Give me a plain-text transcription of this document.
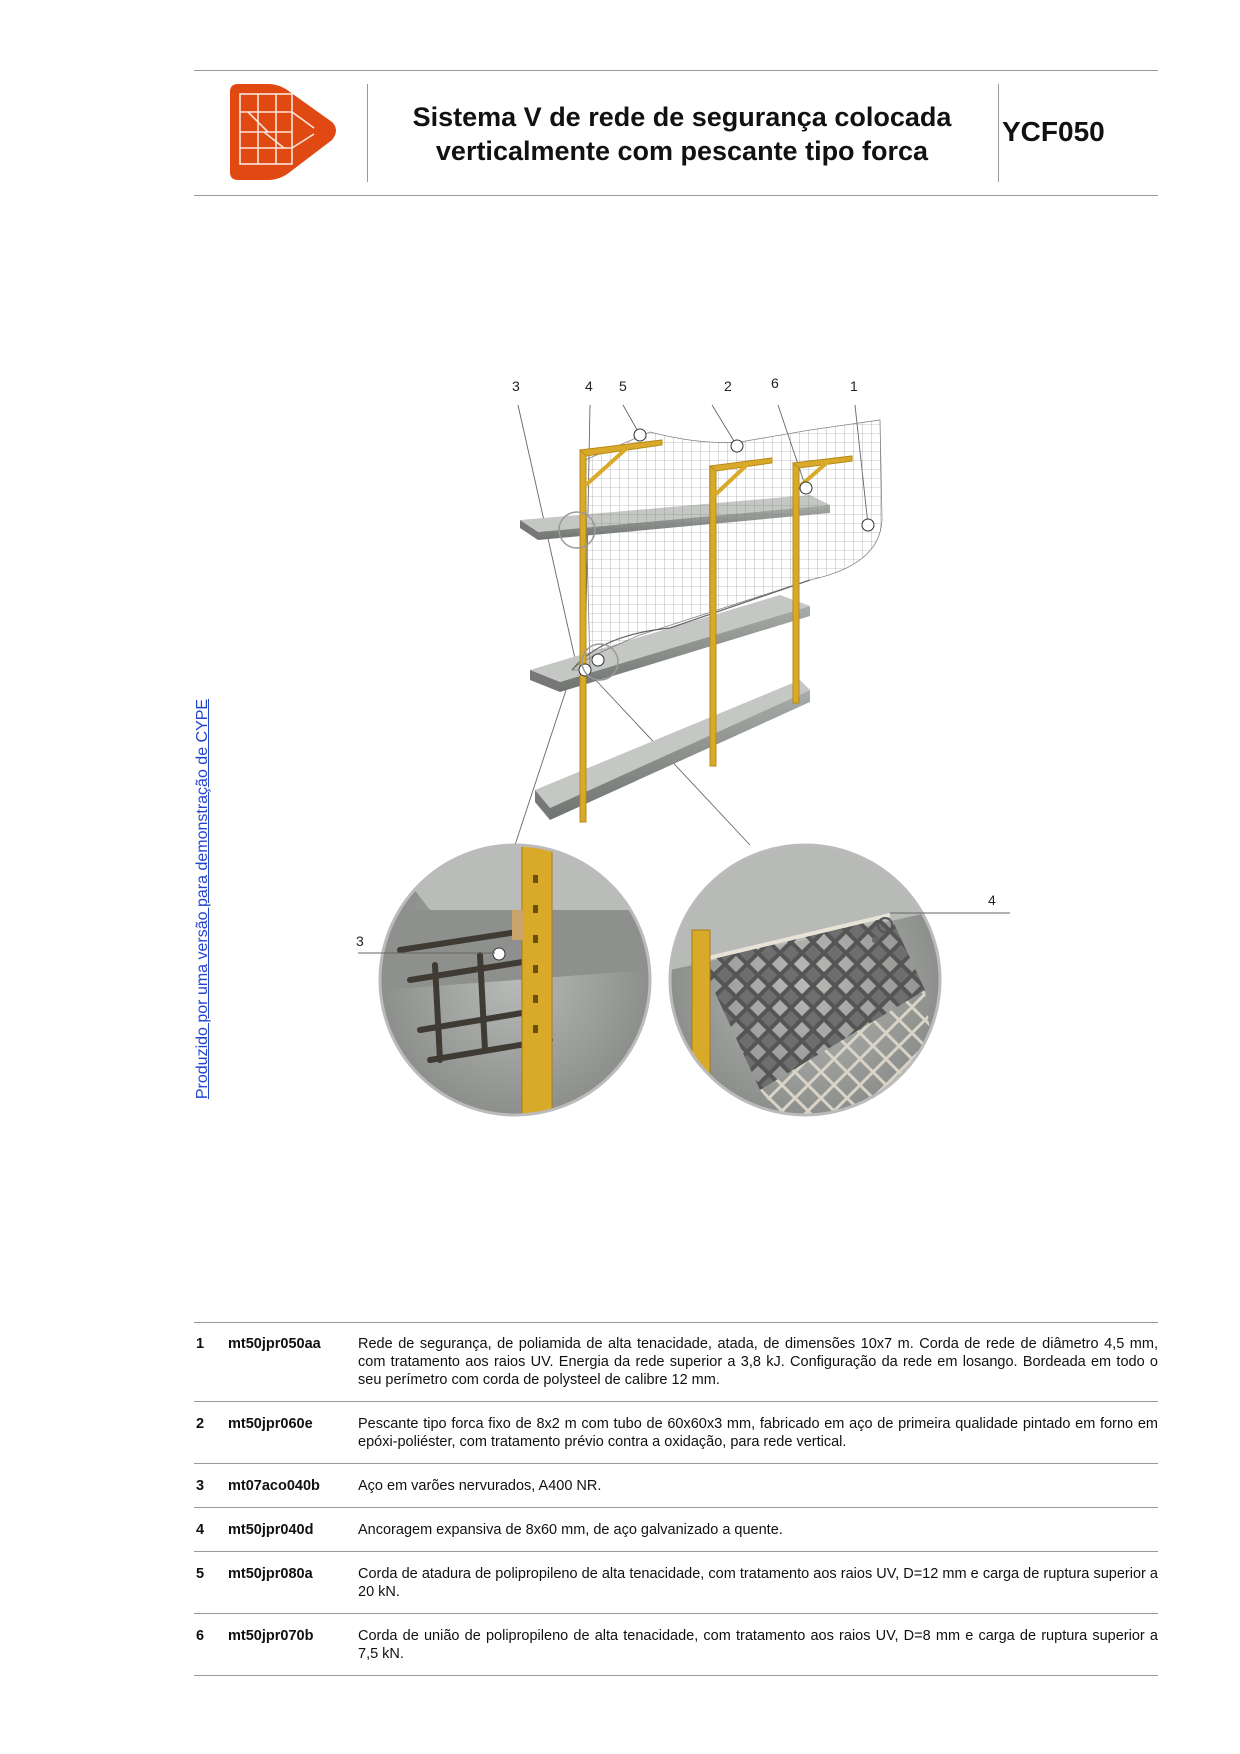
Sistema V de rede de segurança colocada
verticalmente com pescante tipo forca
YCF050
Produzido por uma versão para demonstração de CYPE
3	4 5	2	6	1
3
4
1	mt50jpr050aa	Rede de segurança, de poliamida de alta tenacidade, atada, de dimensões 10x7 m. Corda de rede de diâmetro 4,5 mm, com tratamento aos raios UV. Energia da rede superior a 3,8 kJ. Configuração da rede em losango. Bordeada em todo o seu perímetro com corda de polysteel de calibre 12 mm.
2	mt50jpr060e	Pescante tipo forca fixo de 8x2 m com tubo de 60x60x3 mm, fabricado em aço de primeira qualidade pintado em forno em epóxi-poliéster, com tratamento prévio contra a oxidação, para rede vertical.
3	mt07aco040b	Aço em varões nervurados, A400 NR.
4	mt50jpr040d	Ancoragem expansiva de 8x60 mm, de aço galvanizado a quente.
5	mt50jpr080a	Corda de atadura de polipropileno de alta tenacidade, com tratamento aos raios UV, D=12 mm e carga de ruptura superior a 20 kN.
6	mt50jpr070b	Corda de união de polipropileno de alta tenacidade, com tratamento aos raios UV, D=8 mm e carga de ruptura superior a 7,5 kN.
